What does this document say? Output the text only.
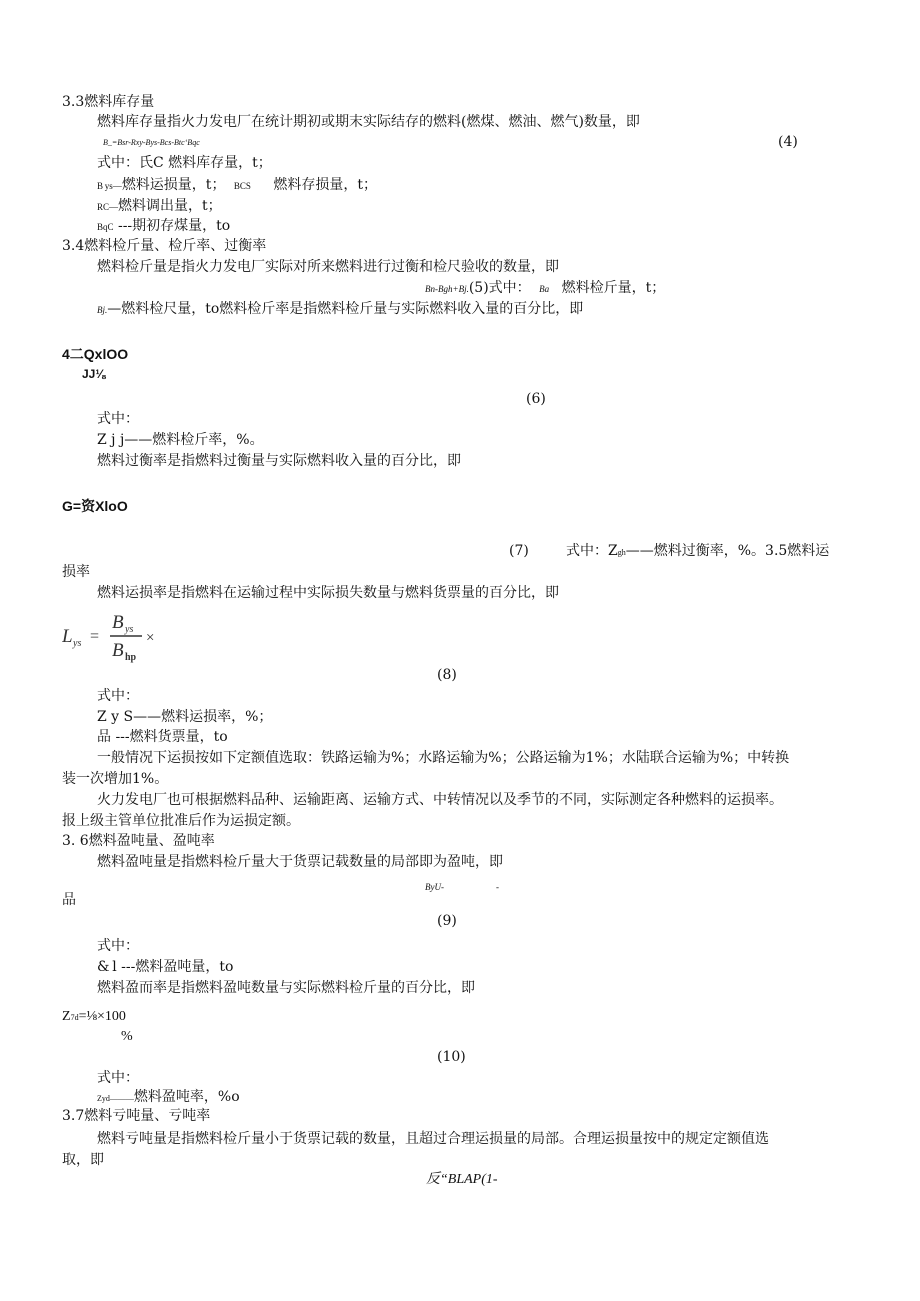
3.3燃料库存量
燃料库存量指火力发电厂在统计期初或期末实际结存的燃料(燃煤、燃油、燃气)数量，即
B_=Bsr-Rxy-Bys-Bcs-Btc‘Bqc	(4)
式中：氏C 燃料库存量，t；
B ys—燃料运损量，t； BCS 燃料存损量，t；
RC—燃料调出量，t；
BqC ---期初存煤量，to
3.4燃料检斤量、检斤率、过衡率
燃料检斤量是指火力发电厂实际对所来燃料进行过衡和检尺验收的数量，即
Bn-Bgh+Bj.(5)式中： Ba 燃料检斤量，t；
Bj.—燃料检尺量，to燃料检斤率是指燃料检斤量与实际燃料收入量的百分比，即
4二QxlOO
JJ⅛
(6)
式中：
Z j j——燃料检斤率，%。
燃料过衡率是指燃料过衡量与实际燃料收入量的百分比，即
G=资XloO
(7)	式中：Zgh——燃料过衡率，%。3.5燃料运
损率
燃料运损率是指燃料在运输过程中实际损失数量与燃料货票量的百分比，即
L ys =
B ys
B hp
×
(8)
式中：
Z y S——燃料运损率，%；
品 ---燃料货票量，to
一般情况下运损按如下定额值选取：铁路运输为%；水路运输为%；公路运输为1%；水陆联合运输为%；中转换
装一次增加1%。
火力发电厂也可根据燃料品种、运输距离、运输方式、中转情况以及季节的不同，实际测定各种燃料的运损率。
报上级主管单位批准后作为运损定额。
3. 6燃料盈吨量、盈吨率
燃料盈吨量是指燃料检斤量大于货票记载数量的局部即为盈吨，即
ByU-	-
品
(9)
式中：
& l ---燃料盈吨量，to
燃料盈而率是指燃料盈吨数量与实际燃料检斤量的百分比，即
Z7d=⅛×100
%
(10)
式中：
Zyd———燃料盈吨率，%o
3.7燃料亏吨量、亏吨率
燃料亏吨量是指燃料检斤量小于货票记载的数量，且超过合理运损量的局部。合理运损量按中的规定定额值选
取，即
反“BLAP(1-
